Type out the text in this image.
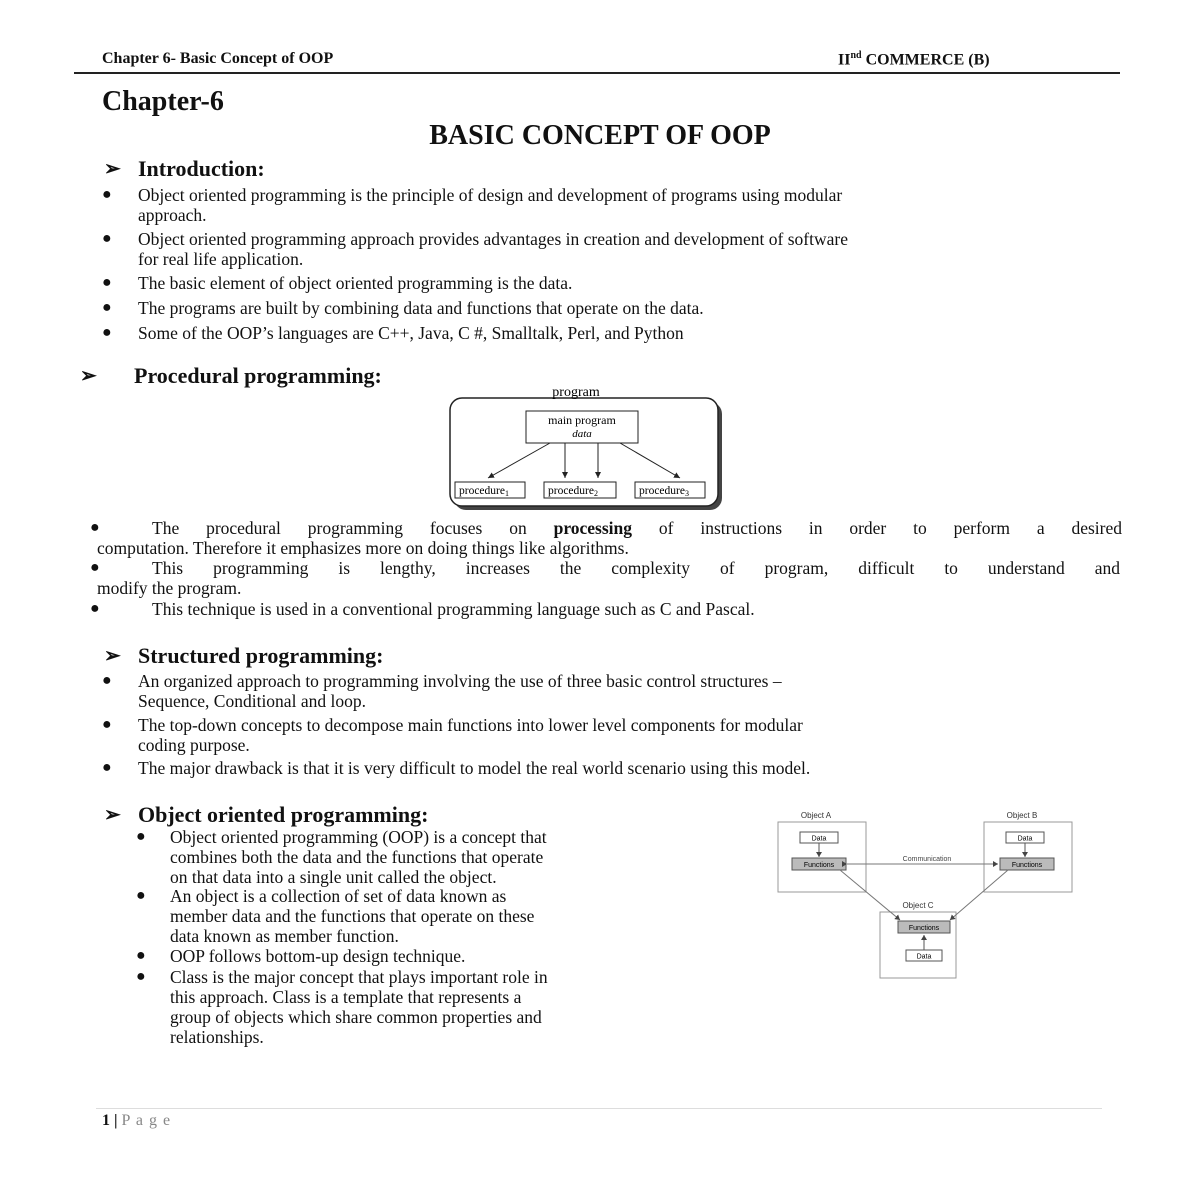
Chapter 6- Basic Concept of OOP	IInd COMMERCE (B)
Chapter-6
BASIC CONCEPT OF OOP
➢ Introduction:
● Object oriented programming is the principle of design and development of programs using modular
approach.
● Object oriented programming approach provides advantages in creation and development of software
for real life application.
● The basic element of object oriented programming is the data.
● The programs are built by combining data and functions that operate on the data.
● Some of the OOP’s languages are C++, Java, C #, Smalltalk, Perl, and Python
➢ Procedural programming:
program
main program
data
procedure1	procedure2	procedure3
●	The procedural programming focuses on processing of instructions in order to perform a desired
computation. Therefore it emphasizes more on doing things like algorithms.
●	This programming is lengthy, increases the complexity of program, difficult to understand and
modify the program.
●	This technique is used in a conventional programming language such as C and Pascal.
➢ Structured programming:
● An organized approach to programming involving the use of three basic control structures –
Sequence, Conditional and loop.
● The top-down concepts to decompose main functions into lower level components for modular
coding purpose.
● The major drawback is that it is very difficult to model the real world scenario using this model.
➢ Object oriented programming:
● Object oriented programming (OOP) is a concept that
combines both the data and the functions that operate
on that data into a single unit called the object.
● An object is a collection of set of data known as
member data and the functions that operate on these
data known as member function.
● OOP follows bottom-up design technique.
● Class is the major concept that plays important role in
this approach. Class is a template that represents a
group of objects which share common properties and
relationships.
Object A
Data
Functions
Object B
Data
Functions
Communication
Object C
Functions
Data
1 | P a g e
